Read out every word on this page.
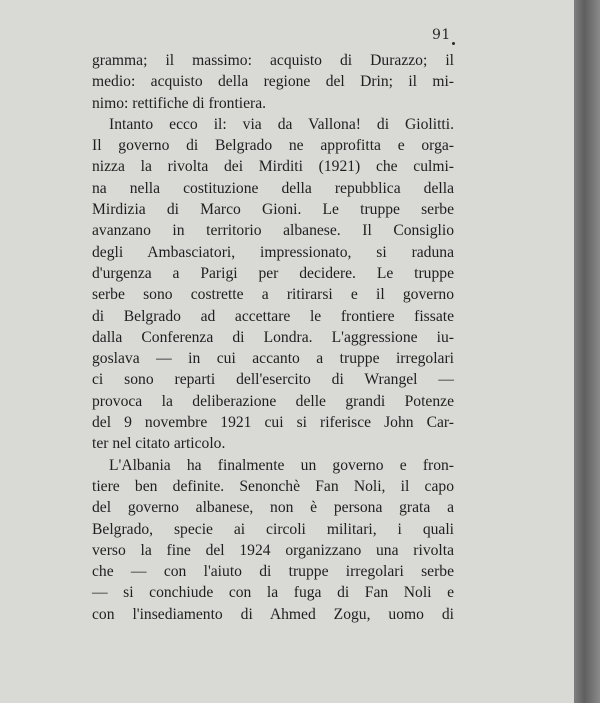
91
gramma; il massimo: acquisto di Durazzo; il
medio: acquisto della regione del Drin; il mi-
nimo: rettifiche di frontiera.
Intanto ecco il: via da Vallona! di Giolitti.
Il governo di Belgrado ne approfitta e orga-
nizza la rivolta dei Mirditi (1921) che culmi-
na nella costituzione della repubblica della
Mirdizia di Marco Gioni. Le truppe serbe
avanzano in territorio albanese. Il Consiglio
degli Ambasciatori, impressionato, si raduna
d'urgenza a Parigi per decidere. Le truppe
serbe sono costrette a ritirarsi e il governo
di Belgrado ad accettare le frontiere fissate
dalla Conferenza di Londra. L'aggressione iu-
goslava — in cui accanto a truppe irregolari
ci sono reparti dell'esercito di Wrangel —
provoca la deliberazione delle grandi Potenze
del 9 novembre 1921 cui si riferisce John Car-
ter nel citato articolo.
L'Albania ha finalmente un governo e fron-
tiere ben definite. Senonchè Fan Noli, il capo
del governo albanese, non è persona grata a
Belgrado, specie ai circoli militari, i quali
verso la fine del 1924 organizzano una rivolta
che — con l'aiuto di truppe irregolari serbe
— si conchiude con la fuga di Fan Noli e
con l'insediamento di Ahmed Zogu, uomo di
